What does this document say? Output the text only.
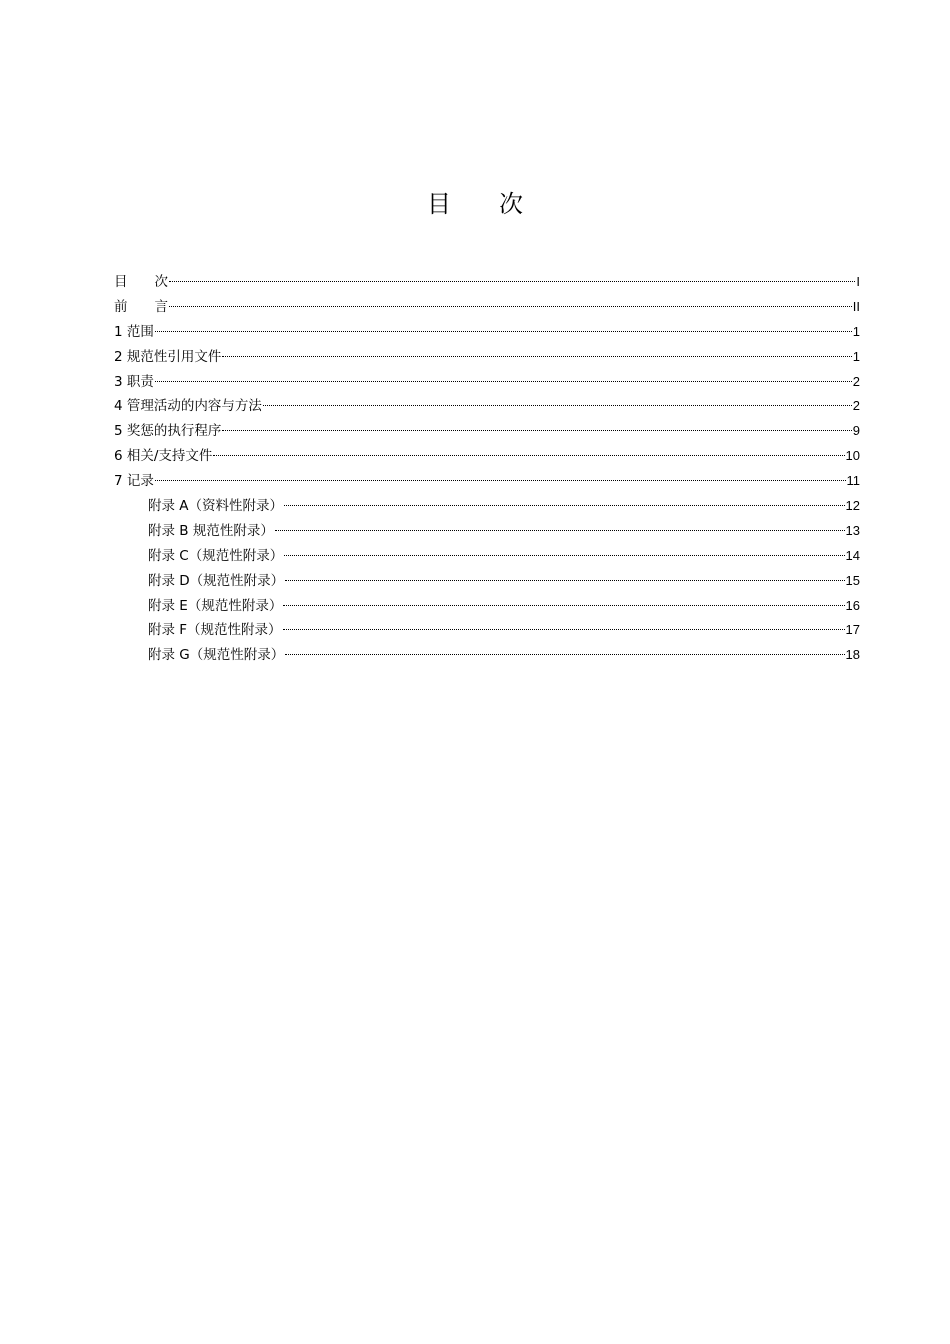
目　　次
目　　次	I
前　　言	II
1 范围	1
2 规范性引用文件	1
3 职责	2
4 管理活动的内容与方法	2
5 奖惩的执行程序	9
6 相关/支持文件	10
7 记录	11
附录 A（资料性附录）	12
附录 B 规范性附录）	13
附录 C（规范性附录）	14
附录 D（规范性附录）	15
附录 E（规范性附录）	16
附录 F（规范性附录）	17
附录 G（规范性附录）	18
